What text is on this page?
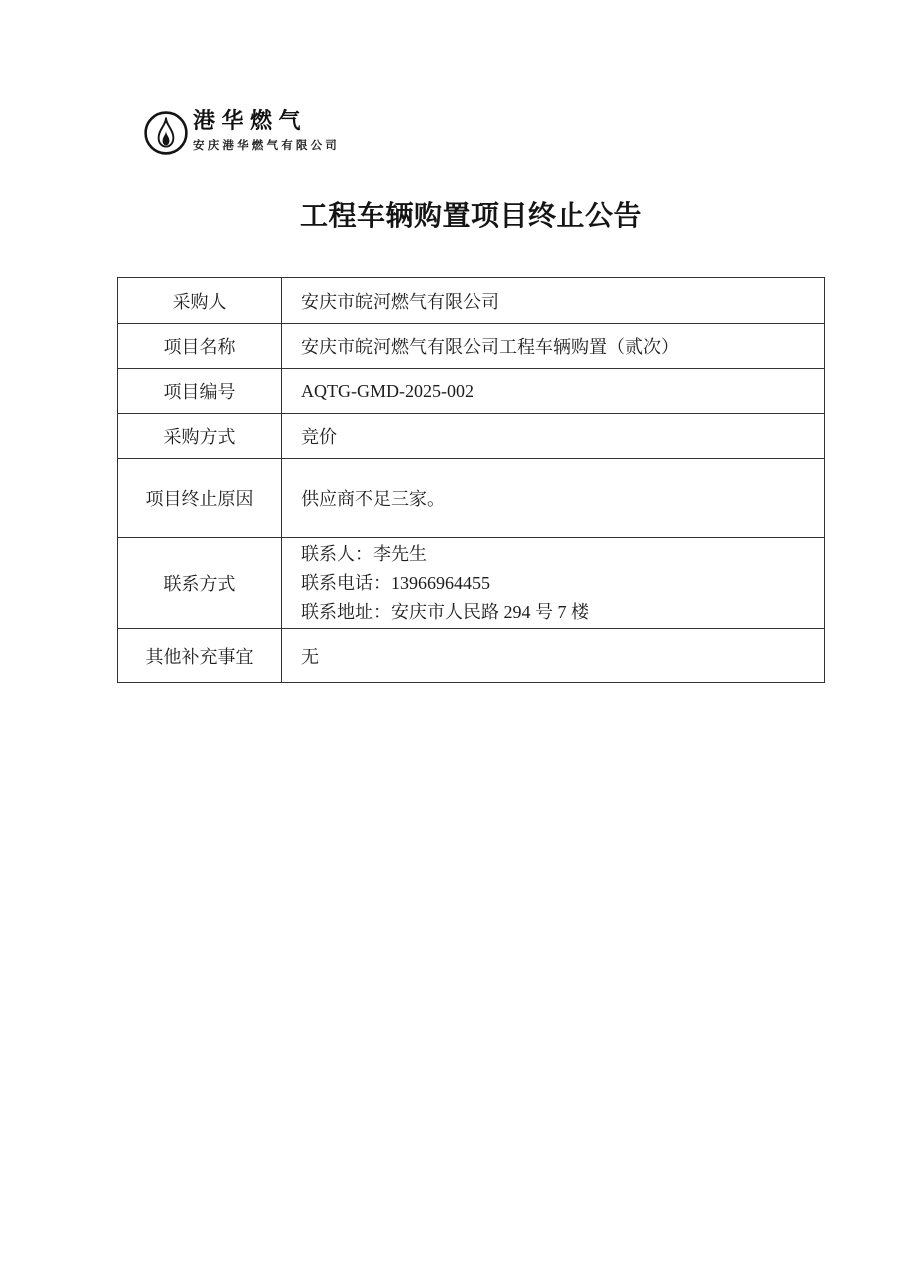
港华燃气
安庆港华燃气有限公司
工程车辆购置项目终止公告
采购人	安庆市皖河燃气有限公司
项目名称	安庆市皖河燃气有限公司工程车辆购置（贰次）
项目编号	AQTG-GMD-2025-002
采购方式	竞价
项目终止原因	供应商不足三家。
联系方式	联系人：李先生
联系电话：13966964455
联系地址：安庆市人民路 294 号 7 楼

其他补充事宜	无
